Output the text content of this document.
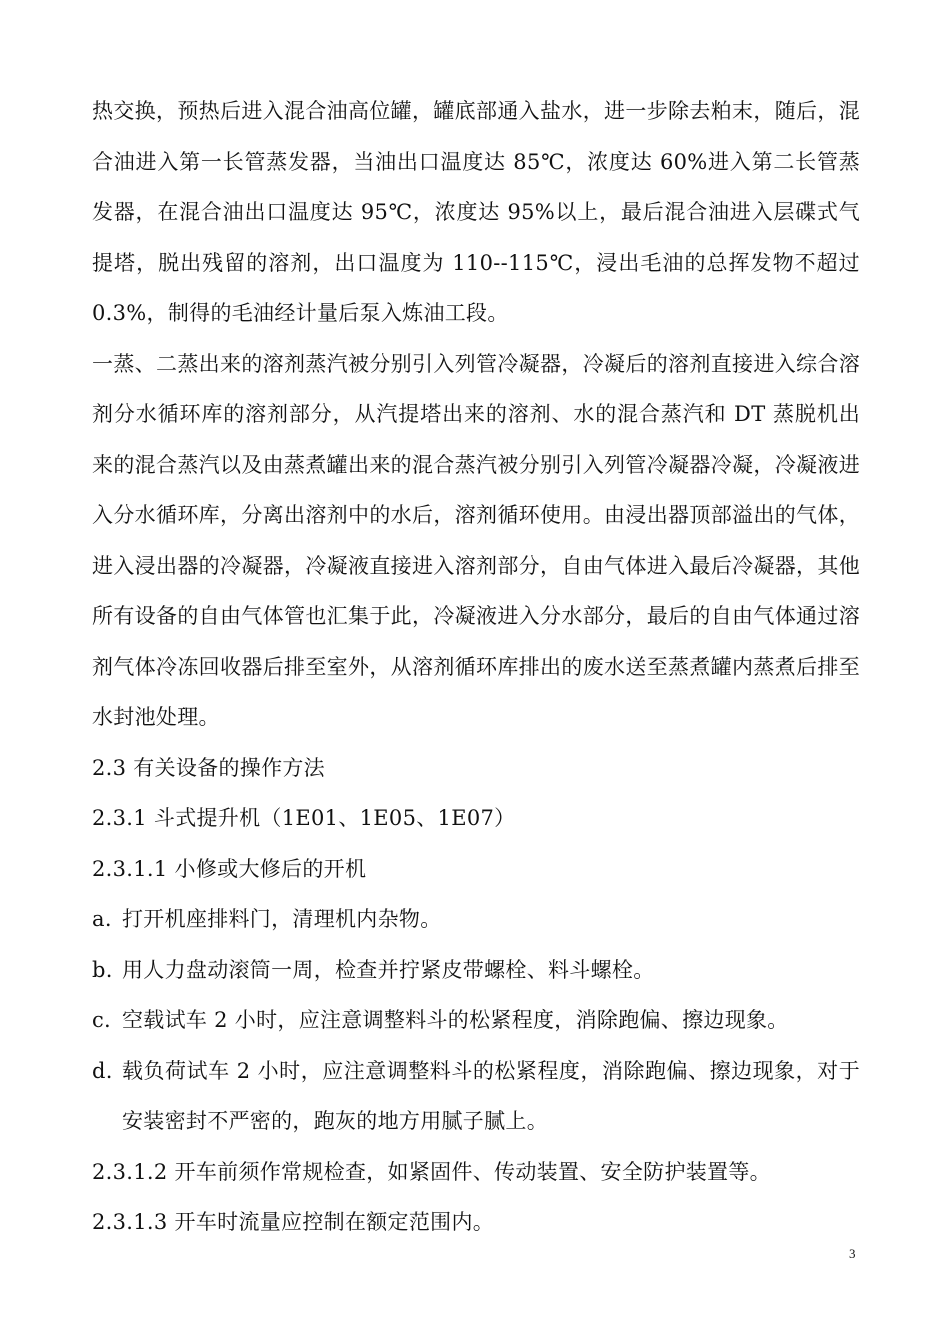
热交换，预热后进入混合油高位罐，罐底部通入盐水，进一步除去粕末，随后，混合油进入第一长管蒸发器，当油出口温度达 85℃，浓度达 60%进入第二长管蒸发器，在混合油出口温度达 95℃，浓度达 95%以上，最后混合油进入层碟式气提塔，脱出残留的溶剂，出口温度为 110--115℃，浸出毛油的总挥发物不超过 0.3%，制得的毛油经计量后泵入炼油工段。

一蒸、二蒸出来的溶剂蒸汽被分别引入列管冷凝器，冷凝后的溶剂直接进入综合溶剂分水循环库的溶剂部分，从汽提塔出来的溶剂、水的混合蒸汽和 DT 蒸脱机出来的混合蒸汽以及由蒸煮罐出来的混合蒸汽被分别引入列管冷凝器冷凝，冷凝液进入分水循环库，分离出溶剂中的水后，溶剂循环使用。由浸出器顶部溢出的气体，进入浸出器的冷凝器，冷凝液直接进入溶剂部分，自由气体进入最后冷凝器，其他所有设备的自由气体管也汇集于此，冷凝液进入分水部分，最后的自由气体通过溶剂气体冷冻回收器后排至室外，从溶剂循环库排出的废水送至蒸煮罐内蒸煮后排至水封池处理。

2.3 有关设备的操作方法

2.3.1 斗式提升机（1E01、1E05、1E07）

2.3.1.1 小修或大修后的开机

a. 打开机座排料门，清理机内杂物。
b. 用人力盘动滚筒一周，检查并拧紧皮带螺栓、料斗螺栓。
c. 空载试车 2 小时，应注意调整料斗的松紧程度，消除跑偏、擦边现象。
d. 载负荷试车 2 小时，应注意调整料斗的松紧程度，消除跑偏、擦边现象，对于安装密封不严密的，跑灰的地方用腻子腻上。

2.3.1.2 开车前须作常规检查，如紧固件、传动装置、安全防护装置等。

2.3.1.3 开车时流量应控制在额定范围内。

3
